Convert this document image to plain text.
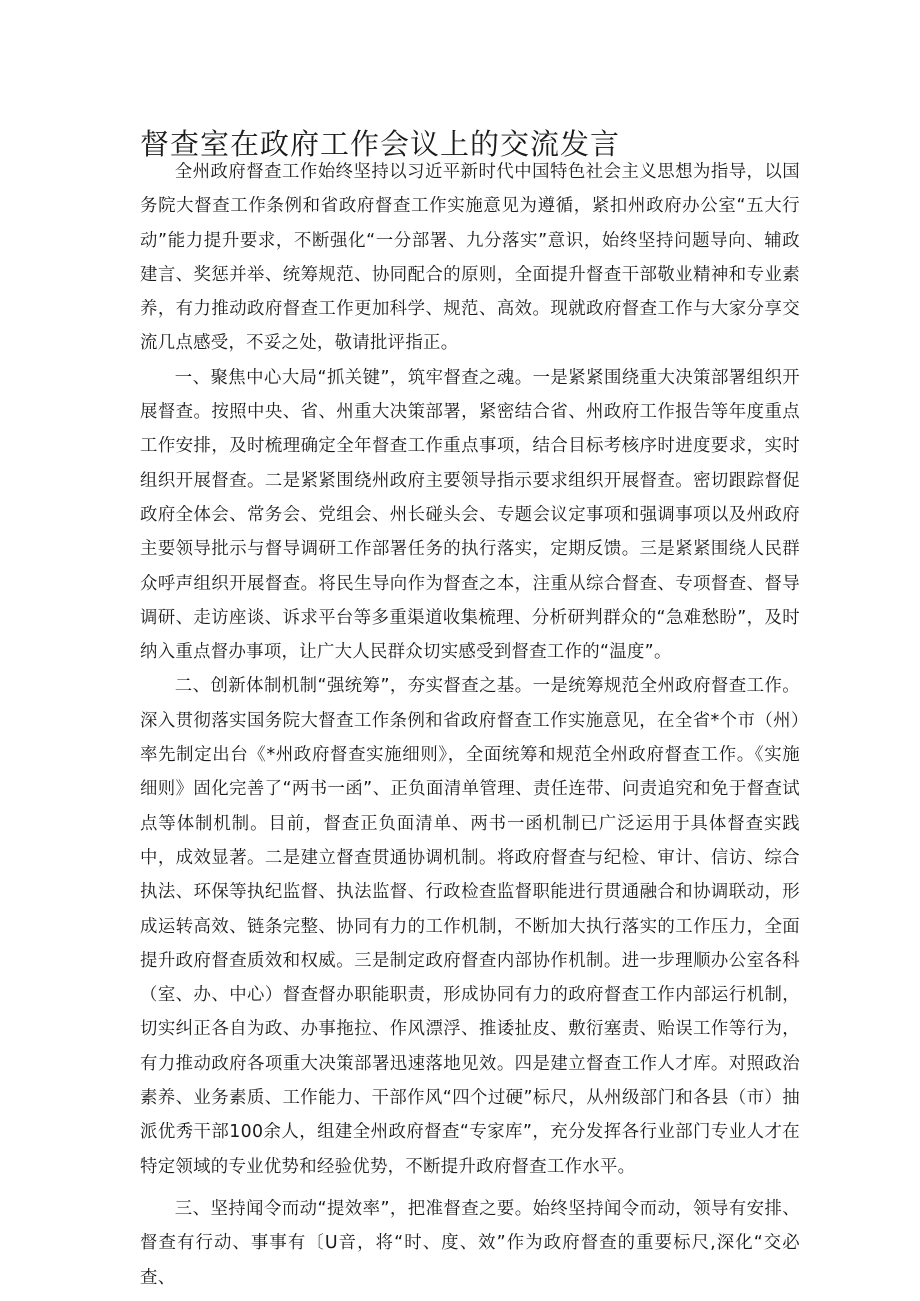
督查室在政府工作会议上的交流发言

全州政府督查工作始终坚持以习近平新时代中国特色社会主义思想为指导，以国务院大督查工作条例和省政府督查工作实施意见为遵循，紧扣州政府办公室“五大行动”能力提升要求，不断强化“一分部署、九分落实”意识，始终坚持问题导向、辅政建言、奖惩并举、统筹规范、协同配合的原则，全面提升督查干部敬业精神和专业素养，有力推动政府督查工作更加科学、规范、高效。现就政府督查工作与大家分享交流几点感受，不妥之处，敬请批评指正。

一、聚焦中心大局“抓关键”，筑牢督查之魂。一是紧紧围绕重大决策部署组织开展督查。按照中央、省、州重大决策部署，紧密结合省、州政府工作报告等年度重点工作安排，及时梳理确定全年督查工作重点事项，结合目标考核序时进度要求，实时组织开展督查。二是紧紧围绕州政府主要领导指示要求组织开展督查。密切跟踪督促政府全体会、常务会、党组会、州长碰头会、专题会议定事项和强调事项以及州政府主要领导批示与督导调研工作部署任务的执行落实，定期反馈。三是紧紧围绕人民群众呼声组织开展督查。将民生导向作为督查之本，注重从综合督查、专项督查、督导调研、走访座谈、诉求平台等多重渠道收集梳理、分析研判群众的“急难愁盼”，及时纳入重点督办事项，让广大人民群众切实感受到督查工作的“温度”。

二、创新体制机制“强统筹”，夯实督查之基。一是统筹规范全州政府督查工作。深入贯彻落实国务院大督查工作条例和省政府督查工作实施意见，在全省*个市（州）率先制定出台《*州政府督查实施细则》，全面统筹和规范全州政府督查工作。《实施细则》固化完善了“两书一函”、正负面清单管理、责任连带、问责追究和免于督查试点等体制机制。目前，督查正负面清单、两书一函机制已广泛运用于具体督查实践中，成效显著。二是建立督查贯通协调机制。将政府督查与纪检、审计、信访、综合执法、环保等执纪监督、执法监督、行政检查监督职能进行贯通融合和协调联动，形成运转高效、链条完整、协同有力的工作机制，不断加大执行落实的工作压力，全面提升政府督查质效和权威。三是制定政府督查内部协作机制。进一步理顺办公室各科（室、办、中心）督查督办职能职责，形成协同有力的政府督查工作内部运行机制，切实纠正各自为政、办事拖拉、作风漂浮、推诿扯皮、敷衍塞责、贻误工作等行为，有力推动政府各项重大决策部署迅速落地见效。四是建立督查工作人才库。对照政治素养、业务素质、工作能力、干部作风“四个过硬”标尺，从州级部门和各县（市）抽派优秀干部100余人，组建全州政府督查“专家库”，充分发挥各行业部门专业人才在特定领域的专业优势和经验优势，不断提升政府督查工作水平。

三、坚持闻令而动“提效率”，把准督查之要。始终坚持闻令而动，领导有安排、督查有行动、事事有〔U音，将“时、度、效”作为政府督查的重要标尺,深化“交必查、
